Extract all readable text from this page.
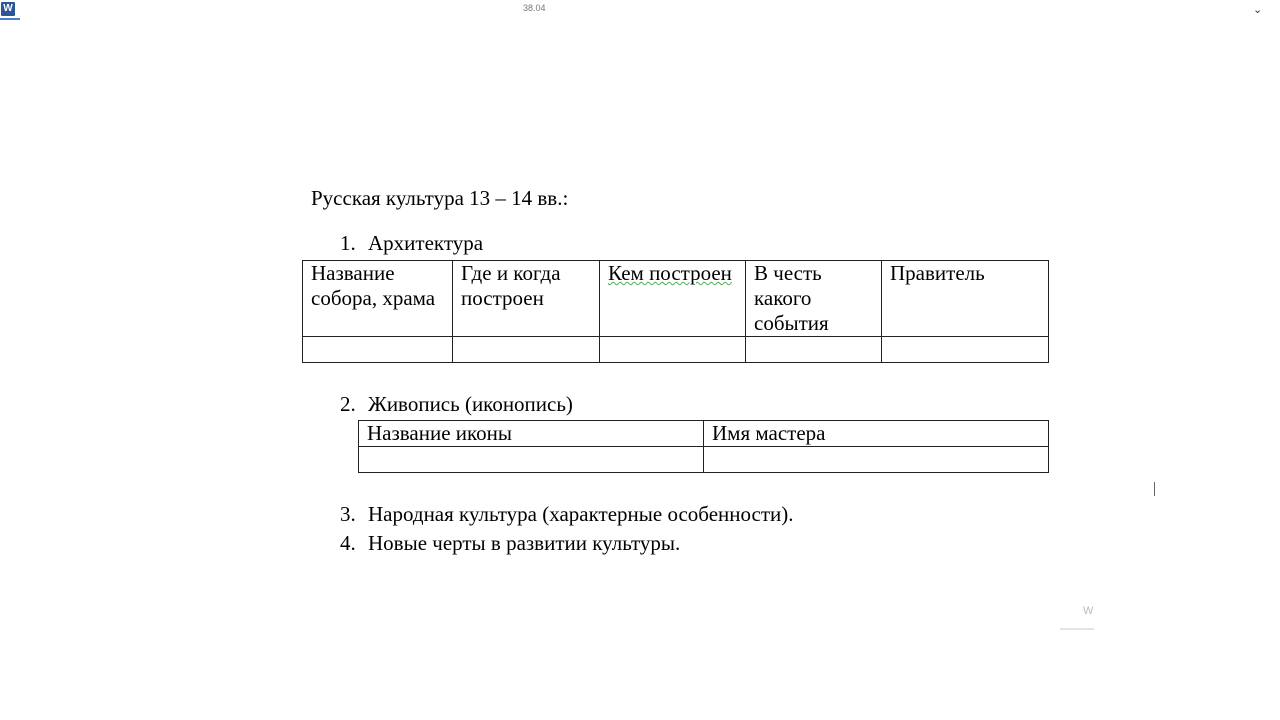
W	38.04	⌄
Русская культура 13 – 14 вв.:
1. Архитектура
Название собора, храма	Где и когда построен	Кем построен	В честь какого события	Правитель

2. Живопись (иконопись)
Название иконы	Имя мастера

3. Народная культура (характерные особенности).
4. Новые черты в развитии культуры.
W
